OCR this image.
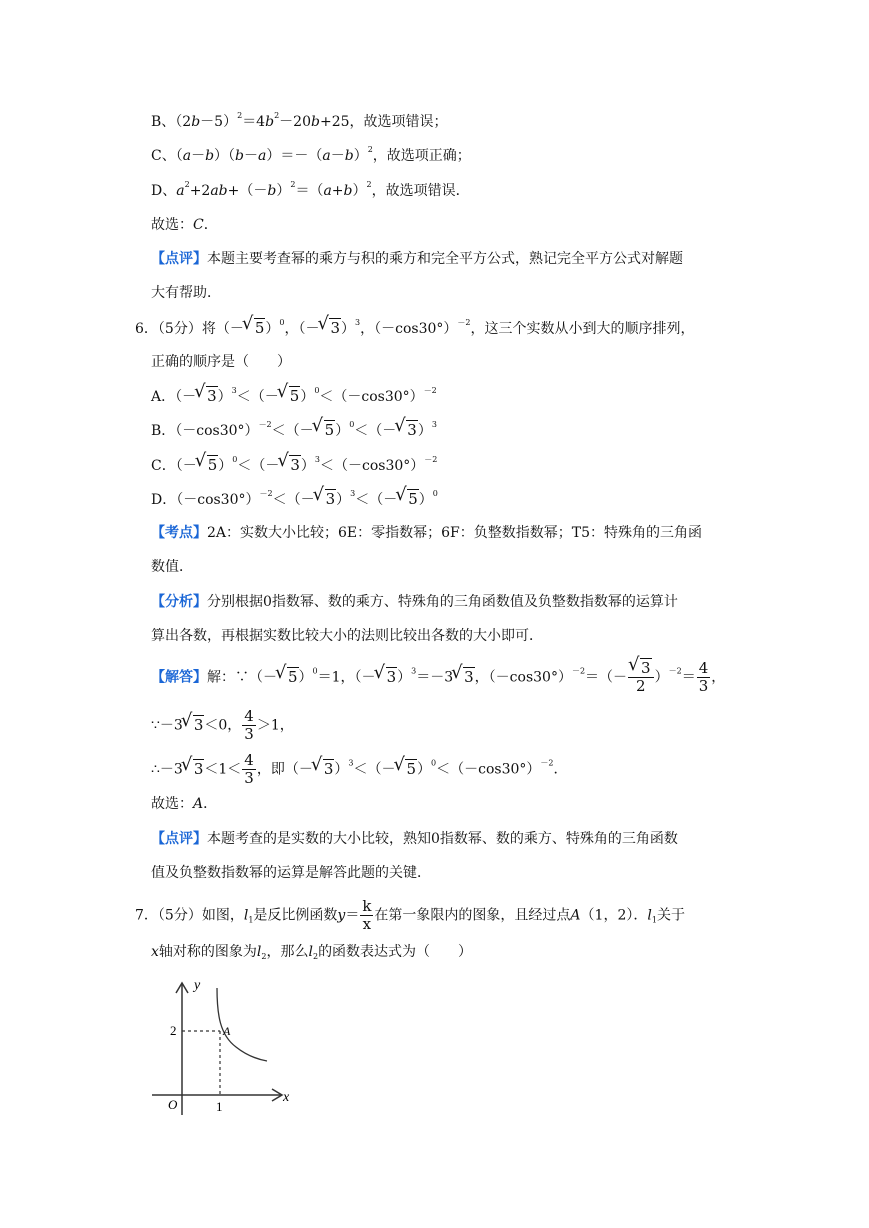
B、$(2b-5)^2=4b^2-20b+25$，故选项错误；
C、$(a-b)(b-a)=-(a-b)^2$，故选项正确；
D、$a^2+2ab+(-b)^2=(a+b)^2$，故选项错误．
故选：C．
【点评】本题主要考查幂的乘方与积的乘方和完全平方公式，熟记完全平方公式对解题
大有帮助．
6．（5分）将（－√ 5）$^0$，（－√ 3）$^3$，$(-\cos 30^\circ)^{-2}$，这三个实数从小到大的顺序排列，
正确的顺序是（　　）
A．（－√ 3）$^3$＜（－√ $5)^0<(-\cos 30^\circ)^{-2}$
B．$(-\cos 30^\circ)^{-2}<(-√$ 5）$^0$＜（－√ 3）$^3$
C．（－√ 5）$^0$＜（－√ $3)^3<(-\cos 30^\circ)^{-2}$
D．$(-\cos 30^\circ)^{-2}<(-√$ 3）$^3$＜（－√ 5）$^0$
【考点】2A：实数大小比较；6E：零指数幂；6F：负整数指数幂；T5：特殊角的三角函
数值．
【分析】分别根据0指数幂、数的乘方、特殊角的三角函数值及负整数指数幂的运算计
算出各数，再根据实数比较大小的法则比较出各数的大小即可．
【解答】解：∵（－√ 5）$^0$＝1，（－√ 3）$^3$＝－3√ 3，$(-\cos 30^\circ)^{-2}=(-$
√ $\frac{3}{2} )^{-2}= \frac{4}{3}$ ，
∵－3√ 3＜0， $\frac{4}{3} >1$，
∴－3√ $3<1< \frac{4}{3}$ ，即（－√ 3）$^3$＜（－√ $5)^0<(-\cos 30^\circ)^{-2}$．
故选：A．
【点评】本题考查的是实数的大小比较，熟知0指数幂、数的乘方、特殊角的三角函数
值及负整数指数幂的运算是解答此题的关键．
7．（5分）如图，$l_1$是反比例函数$y= \frac{k}{x}$ 在第一象限内的图象，且经过点A（1，2）．$l_1$关于
x轴对称的图象为$l_2$，那么$l_2$的函数表达式为（　　）
y
x
O
A
1
2
